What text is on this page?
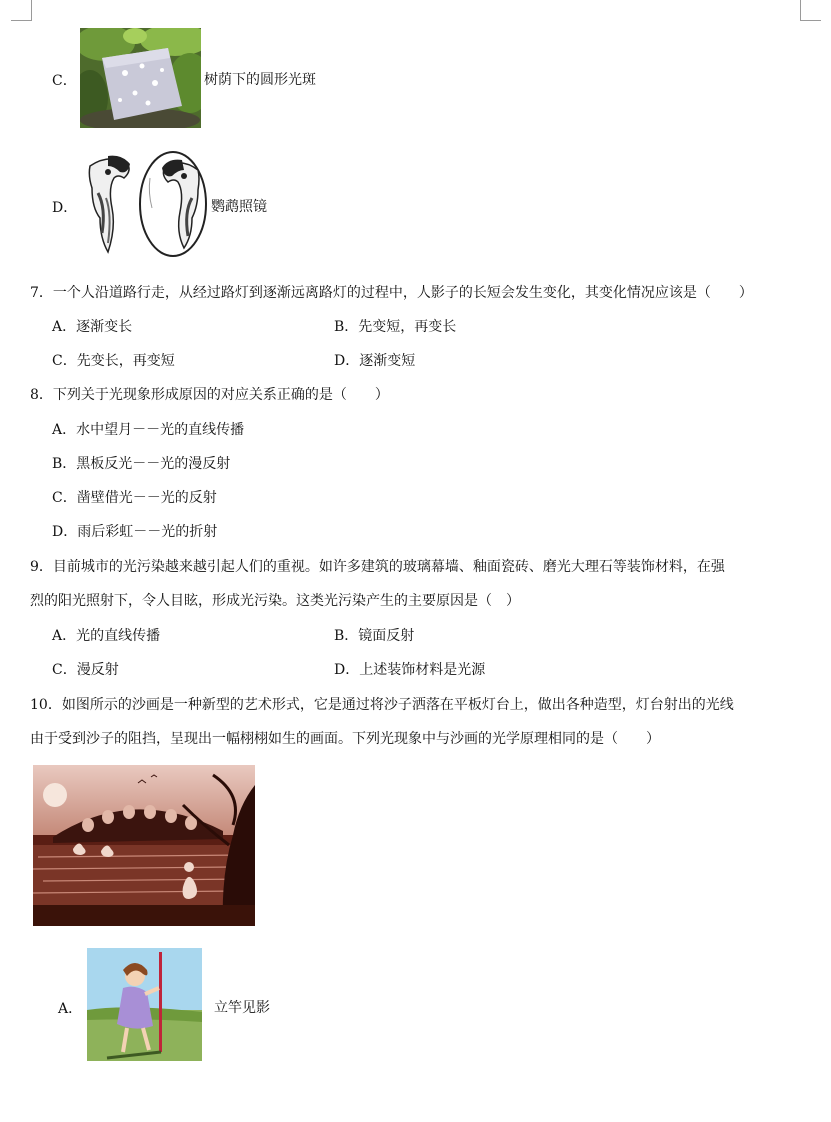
C．	树荫下的圆形光斑
D．	鹦鹉照镜
7．一个人沿道路行走，从经过路灯到逐渐远离路灯的过程中，人影子的长短会发生变化，其变化情况应该是（　　）
A．逐渐变长	B．先变短，再变长
C．先变长，再变短	D．逐渐变短
8．下列关于光现象形成原因的对应关系正确的是（　　）
A．水中望月－－光的直线传播
B．黑板反光－－光的漫反射
C．凿壁借光－－光的反射
D．雨后彩虹－－光的折射
9．目前城市的光污染越来越引起人们的重视。如许多建筑的玻璃幕墙、釉面瓷砖、磨光大理石等装饰材料，在强
烈的阳光照射下，令人目眩，形成光污染。这类光污染产生的主要原因是（　）
A．光的直线传播	B．镜面反射
C．漫反射	D．上述装饰材料是光源
10．如图所示的沙画是一种新型的艺术形式，它是通过将沙子洒落在平板灯台上，做出各种造型，灯台射出的光线
由于受到沙子的阻挡，呈现出一幅栩栩如生的画面。下列光现象中与沙画的光学原理相同的是（　　）
A．	立竿见影
